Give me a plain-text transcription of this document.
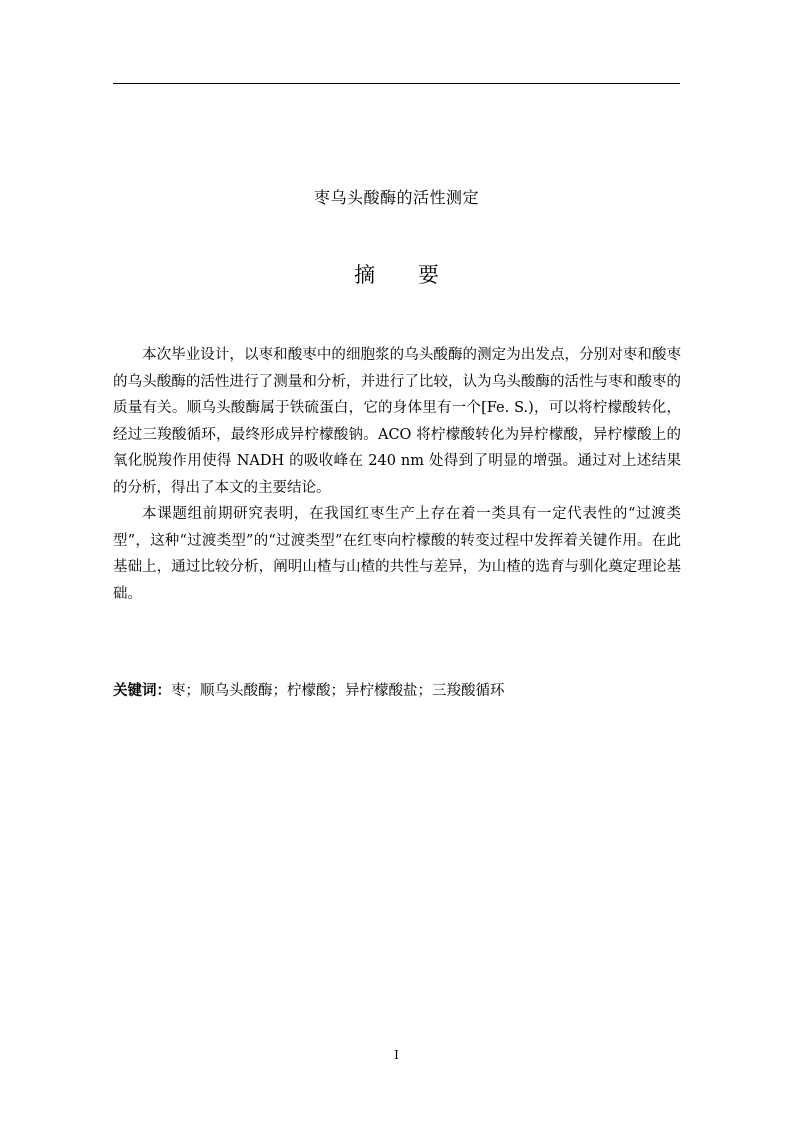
枣乌头酸酶的活性测定
摘 要

本次毕业设计，以枣和酸枣中的细胞浆的乌头酸酶的测定为出发点，分别对枣和酸枣的乌头酸酶的活性进行了测量和分析，并进行了比较，认为乌头酸酶的活性与枣和酸枣的质量有关。顺乌头酸酶属于铁硫蛋白，它的身体里有一个[Fe. S.)，可以将柠檬酸转化，经过三羧酸循环，最终形成异柠檬酸钠。ACO 将柠檬酸转化为异柠檬酸，异柠檬酸上的氧化脱羧作用使得 NADH 的吸收峰在 240 nm 处得到了明显的增强。通过对上述结果的分析，得出了本文的主要结论。

本课题组前期研究表明，在我国红枣生产上存在着一类具有一定代表性的“过渡类型”，这种“过渡类型”的“过渡类型”在红枣向柠檬酸的转变过程中发挥着关键作用。在此基础上，通过比较分析，阐明山楂与山楂的共性与差异，为山楂的选育与驯化奠定理论基础。

关键词：枣；顺乌头酸酶；柠檬酸；异柠檬酸盐；三羧酸循环
I
